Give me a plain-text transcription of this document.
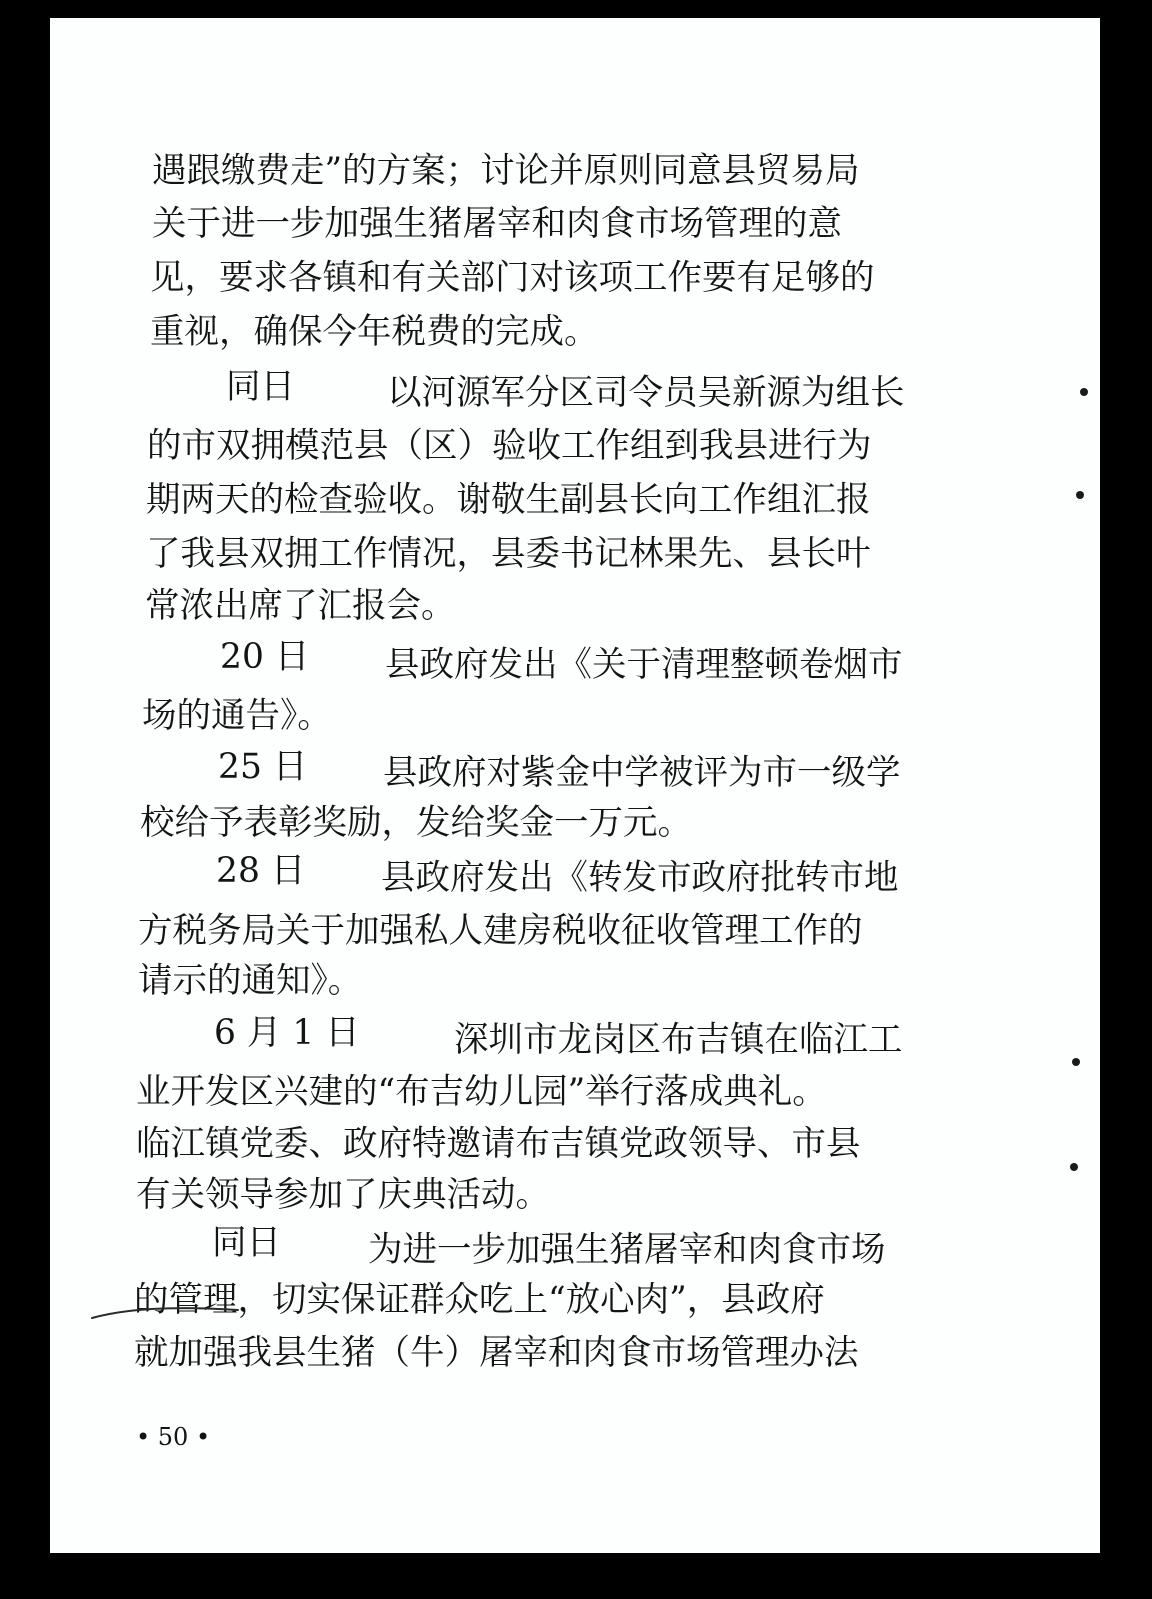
遇跟缴费走”的方案；讨论并原则同意县贸易局
关于进一步加强生猪屠宰和肉食市场管理的意
见，要求各镇和有关部门对该项工作要有足够的
重视，确保今年税费的完成。
同日	以河源军分区司令员吴新源为组长
的市双拥模范县（区）验收工作组到我县进行为
期两天的检查验收。谢敬生副县长向工作组汇报
了我县双拥工作情况，县委书记林果先、县长叶
常浓出席了汇报会。
20 日 县政府发出《关于清理整顿卷烟市
场的通告》。
25 日 县政府对紫金中学被评为市一级学
校给予表彰奖励，发给奖金一万元。
28 日 县政府发出《转发市政府批转市地
方税务局关于加强私人建房税收征收管理工作的
请示的通知》。
6 月 1 日	深圳市龙岗区布吉镇在临江工
业开发区兴建的“布吉幼儿园”举行落成典礼。
临江镇党委、政府特邀请布吉镇党政领导、市县
有关领导参加了庆典活动。
同日	为进一步加强生猪屠宰和肉食市场
的管理，切实保证群众吃上“放心肉”，县政府
就加强我县生猪（牛）屠宰和肉食市场管理办法
• 50 •
